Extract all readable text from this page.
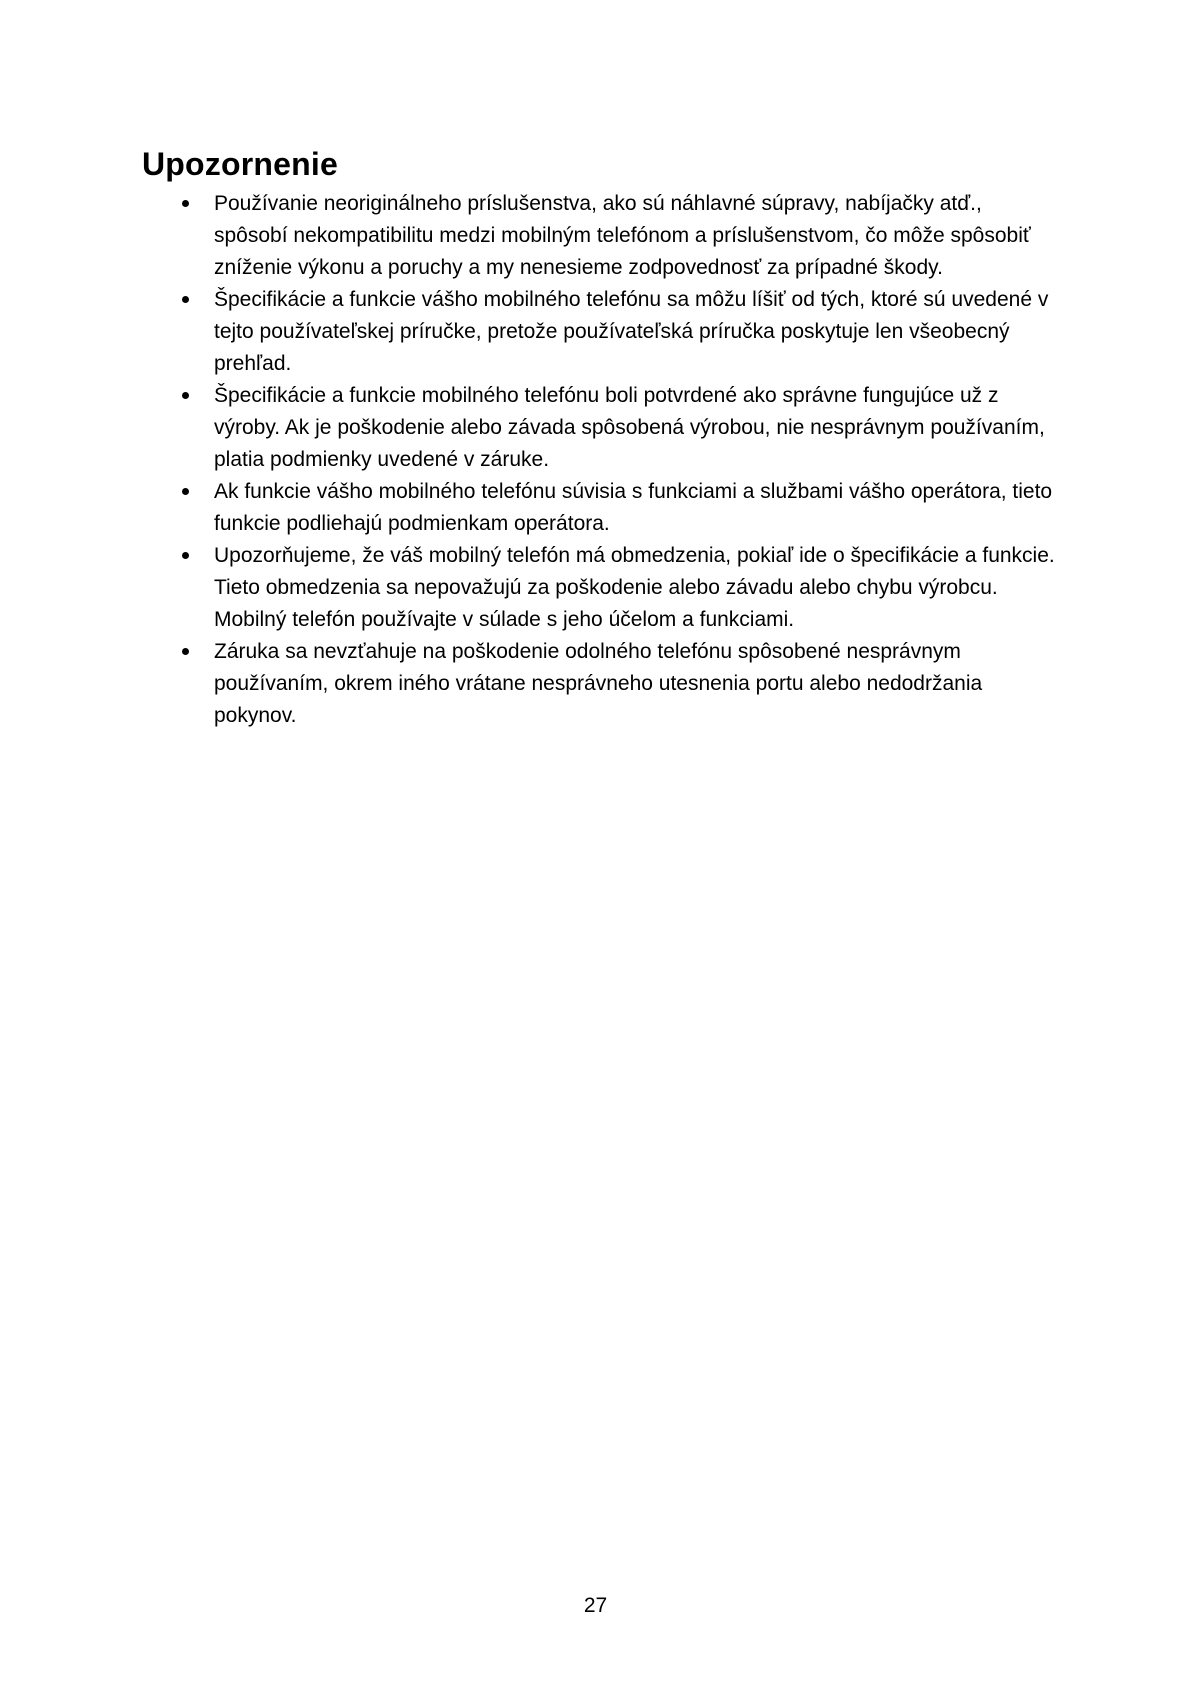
Upozornenie
Používanie neoriginálneho príslušenstva, ako sú náhlavné súpravy, nabíjačky atď., spôsobí nekompatibilitu medzi mobilným telefónom a príslušenstvom, čo môže spôsobiť zníženie výkonu a poruchy a my nenesieme zodpovednosť za prípadné škody.
Špecifikácie a funkcie vášho mobilného telefónu sa môžu líšiť od tých, ktoré sú uvedené v tejto používateľskej príručke, pretože používateľská príručka poskytuje len všeobecný prehľad.
Špecifikácie a funkcie mobilného telefónu boli potvrdené ako správne fungujúce už z výroby. Ak je poškodenie alebo závada spôsobená výrobou, nie nesprávnym používaním, platia podmienky uvedené v záruke.
Ak funkcie vášho mobilného telefónu súvisia s funkciami a službami vášho operátora, tieto funkcie podliehajú podmienkam operátora.
Upozorňujeme, že váš mobilný telefón má obmedzenia, pokiaľ ide o špecifikácie a funkcie. Tieto obmedzenia sa nepovažujú za poškodenie alebo závadu alebo chybu výrobcu. Mobilný telefón používajte v súlade s jeho účelom a funkciami.
Záruka sa nevzťahuje na poškodenie odolného telefónu spôsobené nesprávnym používaním, okrem iného vrátane nesprávneho utesnenia portu alebo nedodržania pokynov.
27
